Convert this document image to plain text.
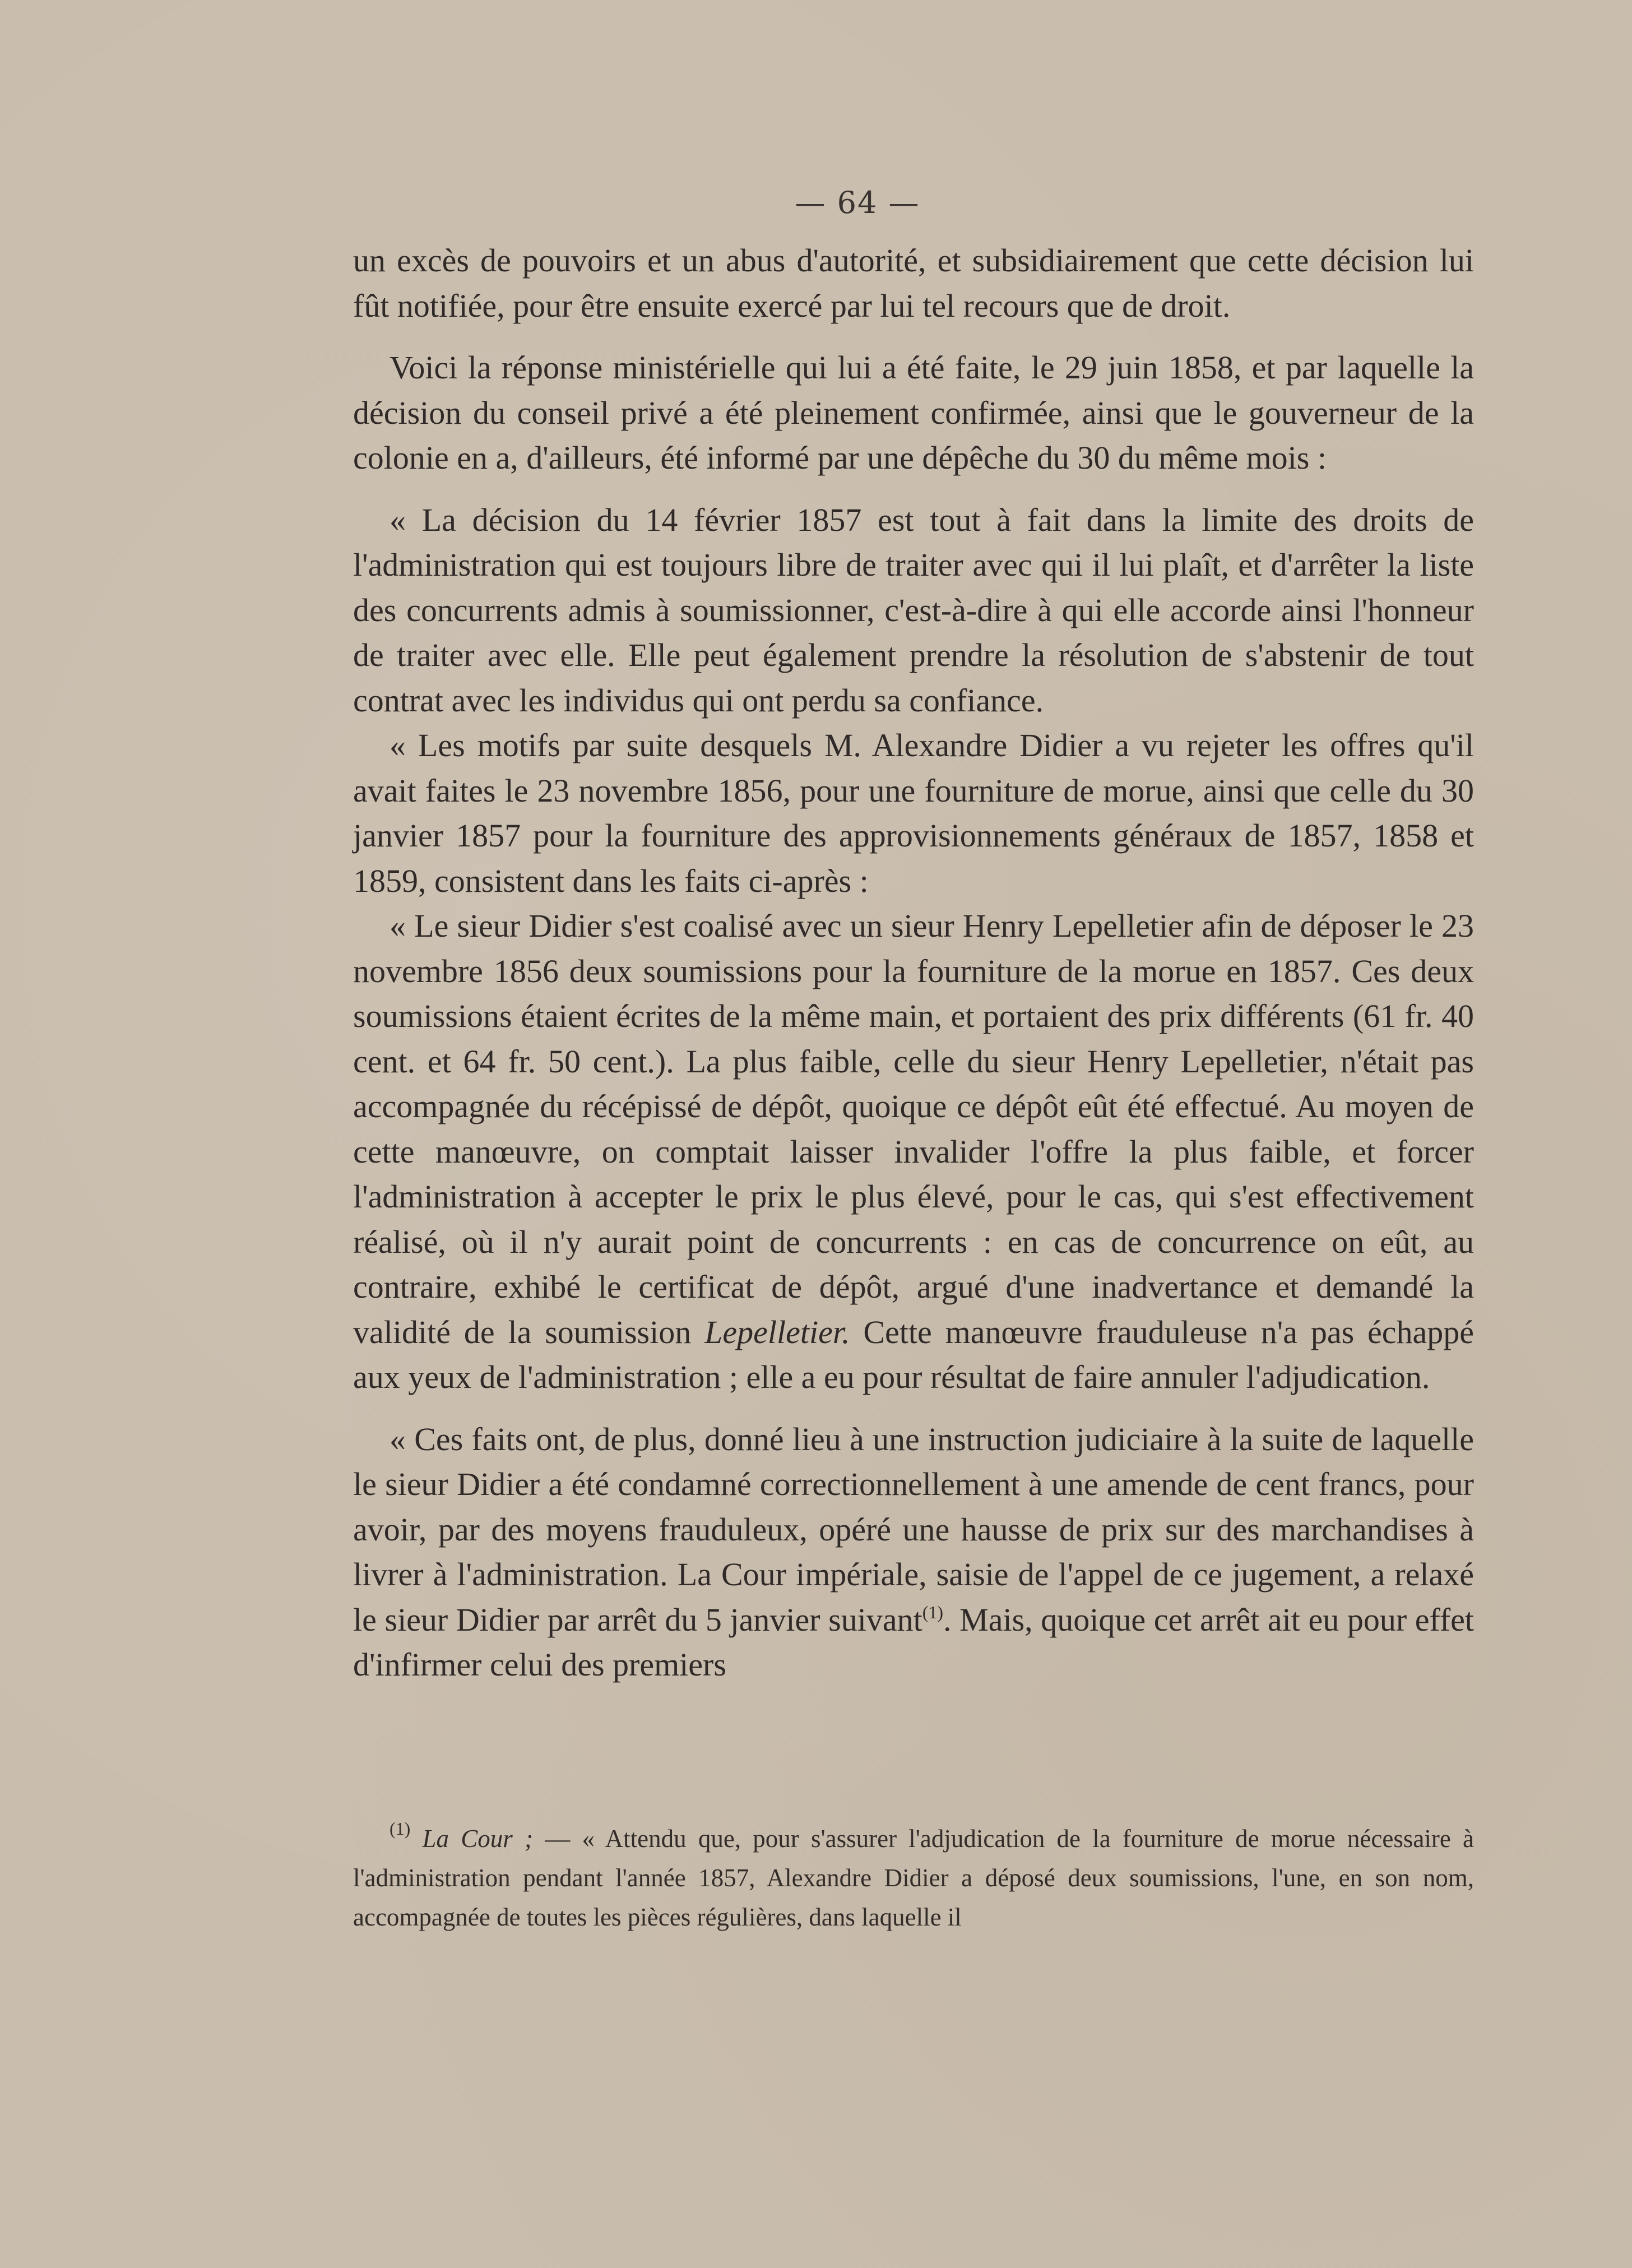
— 64 —

un excès de pouvoirs et un abus d'autorité, et subsidiairement que cette décision lui fût notifiée, pour être ensuite exercé par lui tel recours que de droit.

Voici la réponse ministérielle qui lui a été faite, le 29 juin 1858, et par laquelle la décision du conseil privé a été pleinement confirmée, ainsi que le gouverneur de la colonie en a, d'ailleurs, été informé par une dépêche du 30 du même mois :

« La décision du 14 février 1857 est tout à fait dans la limite des droits de l'administration qui est toujours libre de traiter avec qui il lui plaît, et d'arrêter la liste des concurrents admis à soumissionner, c'est-à-dire à qui elle accorde ainsi l'honneur de traiter avec elle. Elle peut également prendre la résolution de s'abstenir de tout contrat avec les individus qui ont perdu sa confiance.

« Les motifs par suite desquels M. Alexandre Didier a vu rejeter les offres qu'il avait faites le 23 novembre 1856, pour une fourniture de morue, ainsi que celle du 30 janvier 1857 pour la fourniture des approvisionnements généraux de 1857, 1858 et 1859, consistent dans les faits ci-après :

« Le sieur Didier s'est coalisé avec un sieur Henry Lepelletier afin de déposer le 23 novembre 1856 deux soumissions pour la fourniture de la morue en 1857. Ces deux soumissions étaient écrites de la même main, et portaient des prix différents (61 fr. 40 cent. et 64 fr. 50 cent.). La plus faible, celle du sieur Henry Lepelletier, n'était pas accompagnée du récépissé de dépôt, quoique ce dépôt eût été effectué. Au moyen de cette manœuvre, on comptait laisser invalider l'offre la plus faible, et forcer l'administration à accepter le prix le plus élevé, pour le cas, qui s'est effectivement réalisé, où il n'y aurait point de concurrents : en cas de concurrence on eût, au contraire, exhibé le certificat de dépôt, argué d'une inadvertance et demandé la validité de la soumission Lepelletier. Cette manœuvre frauduleuse n'a pas échappé aux yeux de l'administration ; elle a eu pour résultat de faire annuler l'adjudication.

« Ces faits ont, de plus, donné lieu à une instruction judiciaire à la suite de laquelle le sieur Didier a été condamné correctionnellement à une amende de cent francs, pour avoir, par des moyens frauduleux, opéré une hausse de prix sur des marchandises à livrer à l'administration. La Cour impériale, saisie de l'appel de ce jugement, a relaxé le sieur Didier par arrêt du 5 janvier suivant$^{(1)}$. Mais, quoique cet arrêt ait eu pour effet d'infirmer celui des premiers

$^{(1)}$ La Cour ; — « Attendu que, pour s'assurer l'adjudication de la fourniture de morue nécessaire à l'administration pendant l'année 1857, Alexandre Didier a déposé deux soumissions, l'une, en son nom, accompagnée de toutes les pièces régulières, dans laquelle il
